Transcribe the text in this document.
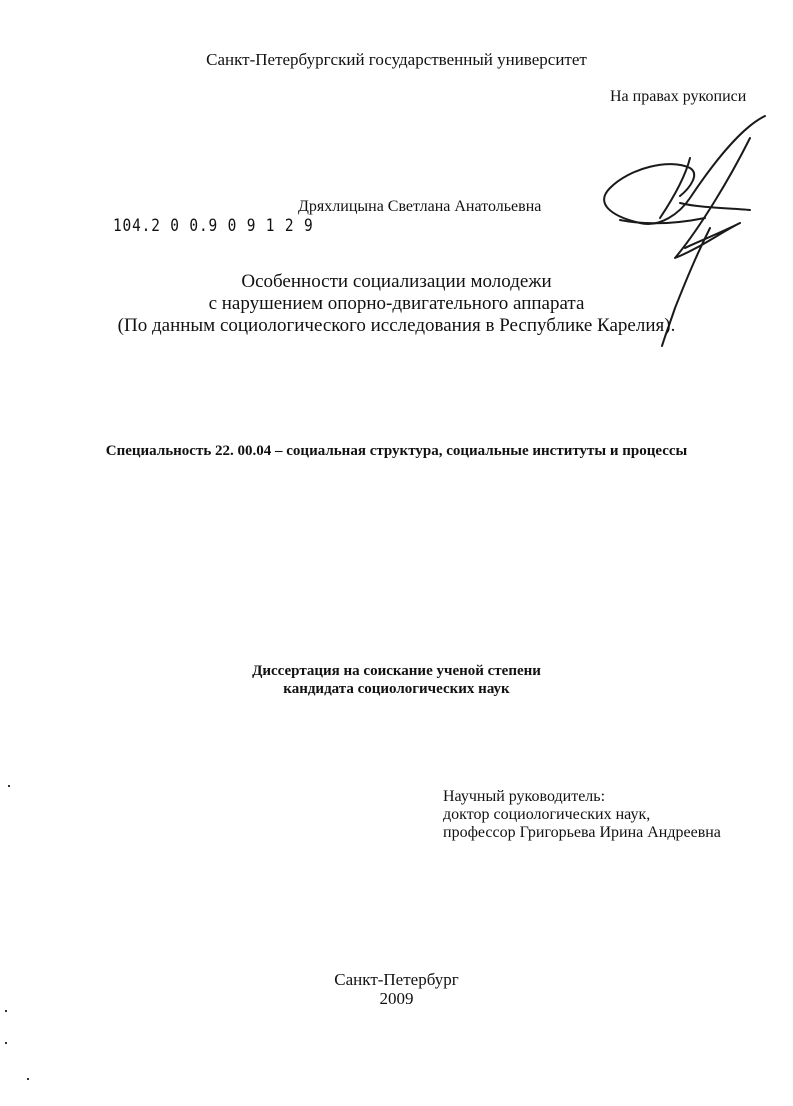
Санкт-Петербургский государственный университет
На правах рукописи
Дряхлицына Светлана Анатольевна
104.2 0 0.9 0 9 1 2 9
Особенности социализации молодежи
с нарушением опорно-двигательного аппарата
(По данным социологического исследования в Республике Карелия).
Специальность 22. 00.04 – социальная структура, социальные институты и процессы
Диссертация на соискание ученой степени
кандидата социологических наук
Научный руководитель:
доктор социологических наук,
профессор Григорьева Ирина Андреевна
Санкт-Петербург
2009
